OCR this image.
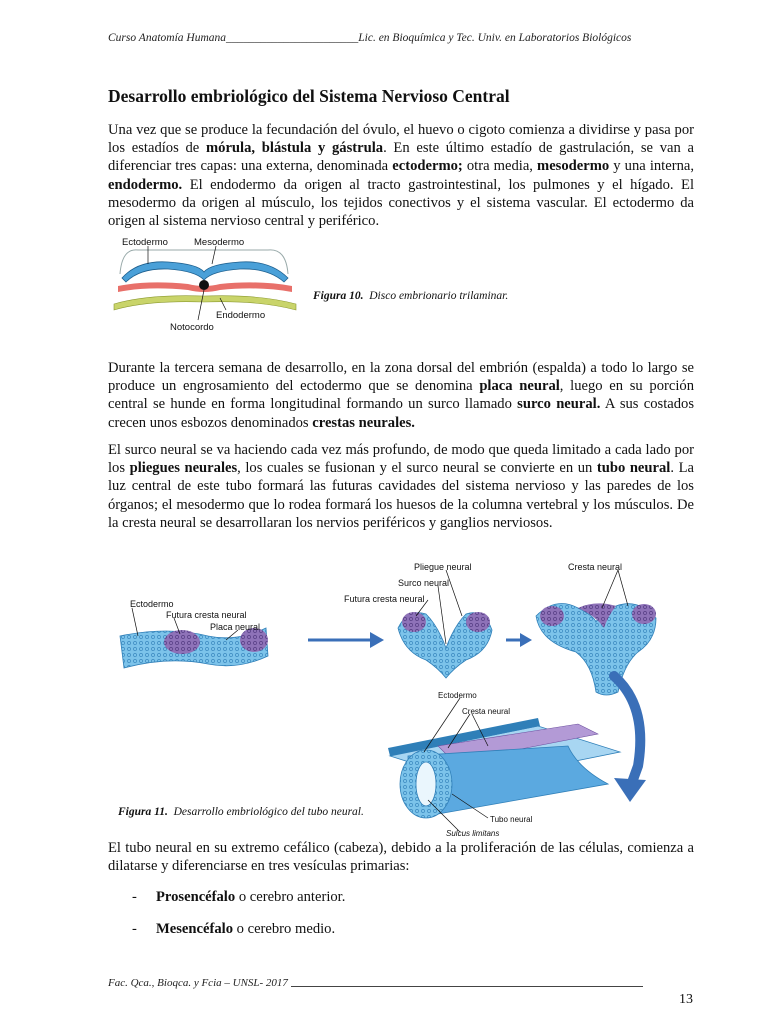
Curso Anatomía Humana_______________________Lic. en Bioquímica y Tec. Univ. en Laboratorios Biológicos
Desarrollo embriológico del Sistema Nervioso Central

Una vez que se produce la fecundación del óvulo, el huevo o cigoto comienza a dividirse y pasa por los estadíos de mórula, blástula y gástrula. En este último estadío de gastrulación, se van a diferenciar tres capas: una externa, denominada ectodermo; otra media, mesodermo y una interna, endodermo. El endodermo da origen al tracto gastrointestinal, los pulmones y el hígado. El mesodermo da origen al músculo, los tejidos conectivos y el sistema vascular. El ectodermo da origen al sistema nervioso central y periférico.

Ectodermo	Mesodermo
Endodermo
Notocordo
Figura 10. Disco embrionario trilaminar.

Durante la tercera semana de desarrollo, en la zona dorsal del embrión (espalda) a todo lo largo se produce un engrosamiento del ectodermo que se denomina placa neural, luego en su porción central se hunde en forma longitudinal formando un surco llamado surco neural. A sus costados crecen unos esbozos denominados crestas neurales.

El surco neural se va haciendo cada vez más profundo, de modo que queda limitado a cada lado por los pliegues neurales, los cuales se fusionan y el surco neural se convierte en un tubo neural. La luz central de este tubo formará las futuras cavidades del sistema nervioso y las paredes de los órganos; el mesodermo que lo rodea formará los huesos de la columna vertebral y los músculos. De la cresta neural se desarrollaran los nervios periféricos y ganglios nerviosos.

Ectodermo
Futura cresta neural
Placa neural
Pliegue neural
Surco neural
Futura cresta neural
Cresta neural
Ectodermo
Cresta neural
Tubo neural
Sulcus limitans
Figura 11. Desarrollo embriológico del tubo neural.

El tubo neural en su extremo cefálico (cabeza), debido a la proliferación de las células, comienza a dilatarse y diferenciarse en tres vesículas primarias:

- Prosencéfalo o cerebro anterior.
- Mesencéfalo o cerebro medio.
Fac. Qca., Bioqca. y Fcia – UNSL- 2017
13
